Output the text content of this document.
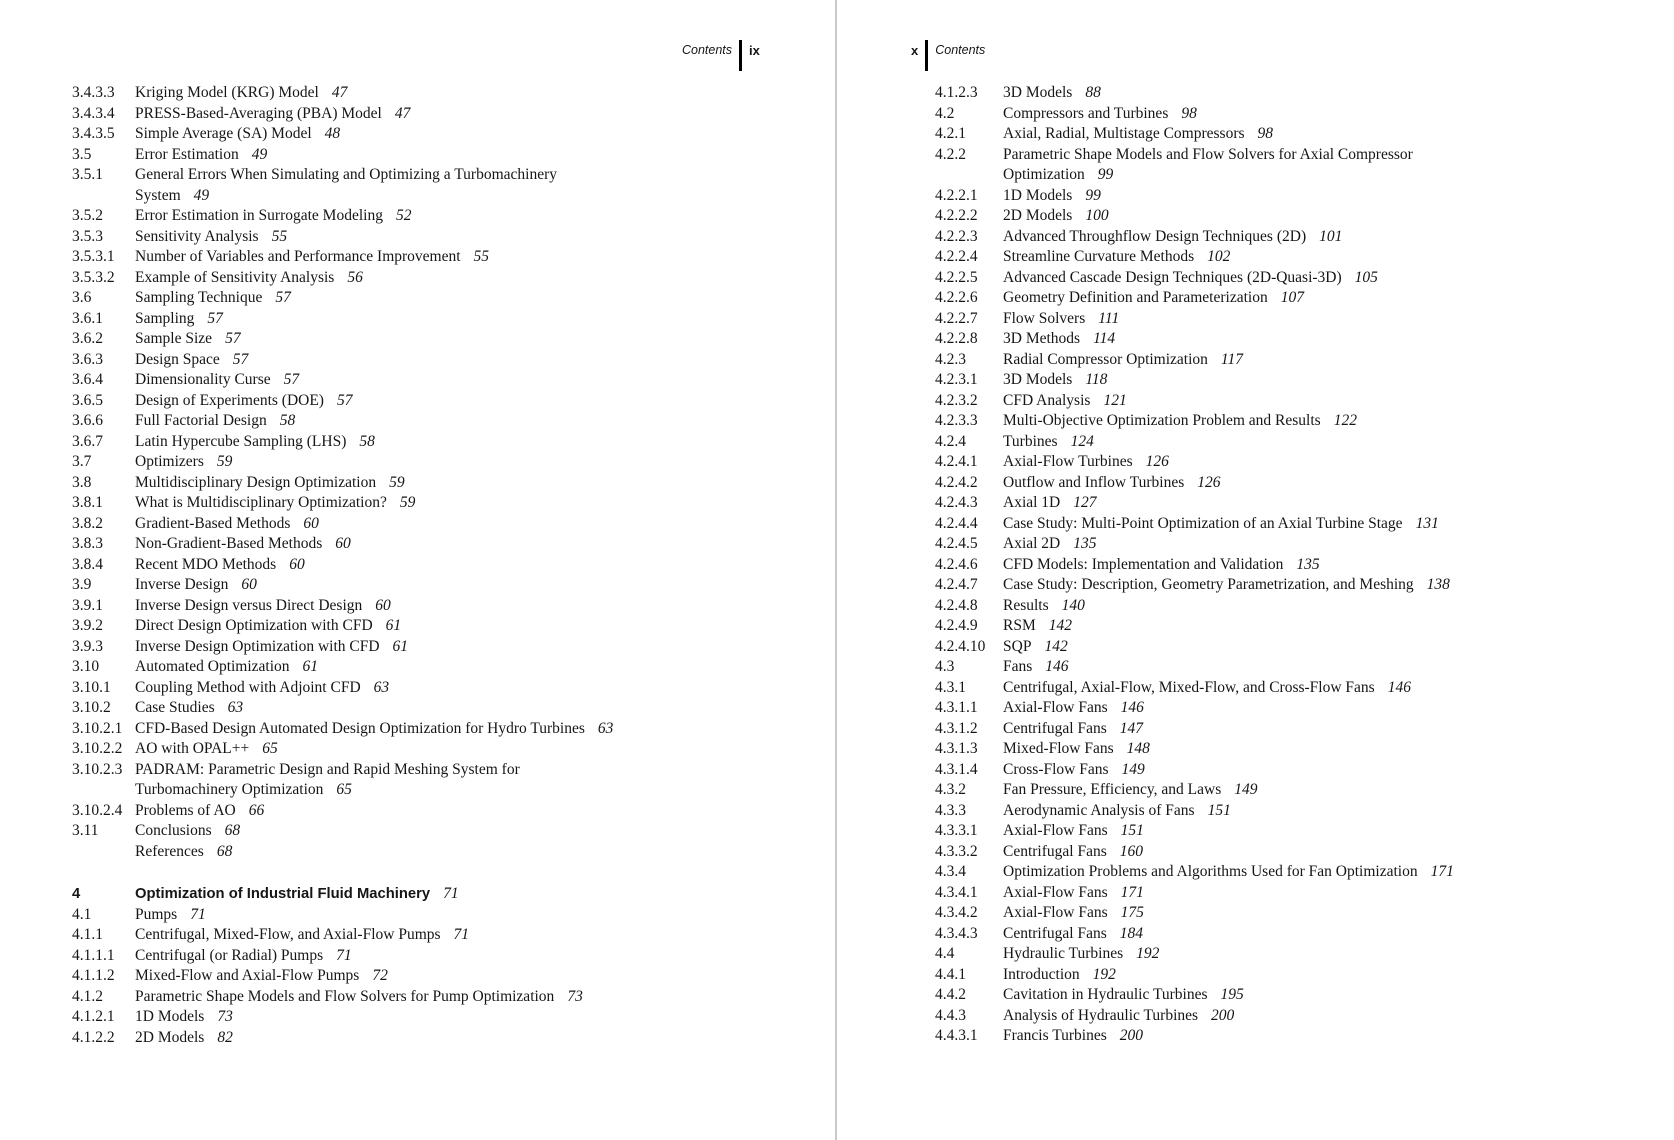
Contents ix	x Contents
3.4.3.3	Kriging Model (KRG) Model 47
3.4.3.4	PRESS-Based-Averaging (PBA) Model 47
3.4.3.5	Simple Average (SA) Model 48
3.5	Error Estimation 49
3.5.1	General Errors When Simulating and Optimizing a Turbomachinery
System 49
3.5.2	Error Estimation in Surrogate Modeling 52
3.5.3	Sensitivity Analysis 55
3.5.3.1	Number of Variables and Performance Improvement 55
3.5.3.2	Example of Sensitivity Analysis 56
3.6	Sampling Technique 57
3.6.1	Sampling 57
3.6.2	Sample Size 57
3.6.3	Design Space 57
3.6.4	Dimensionality Curse 57
3.6.5	Design of Experiments (DOE) 57
3.6.6	Full Factorial Design 58
3.6.7	Latin Hypercube Sampling (LHS) 58
3.7	Optimizers 59
3.8	Multidisciplinary Design Optimization 59
3.8.1	What is Multidisciplinary Optimization? 59
3.8.2	Gradient-Based Methods 60
3.8.3	Non-Gradient-Based Methods 60
3.8.4	Recent MDO Methods 60
3.9	Inverse Design 60
3.9.1	Inverse Design versus Direct Design 60
3.9.2	Direct Design Optimization with CFD 61
3.9.3	Inverse Design Optimization with CFD 61
3.10	Automated Optimization 61
3.10.1	Coupling Method with Adjoint CFD 63
3.10.2	Case Studies 63
3.10.2.1 CFD-Based Design Automated Design Optimization for Hydro Turbines 63
3.10.2.2 AO with OPAL++ 65
3.10.2.3 PADRAM: Parametric Design and Rapid Meshing System for
Turbomachinery Optimization 65
3.10.2.4 Problems of AO 66
3.11	Conclusions 68
References 68
4	Optimization of Industrial Fluid Machinery 71
4.1	Pumps 71
4.1.1	Centrifugal, Mixed-Flow, and Axial-Flow Pumps 71
4.1.1.1	Centrifugal (or Radial) Pumps 71
4.1.1.2	Mixed-Flow and Axial-Flow Pumps 72
4.1.2	Parametric Shape Models and Flow Solvers for Pump Optimization 73
4.1.2.1	1D Models 73
4.1.2.2	2D Models 82
4.1.2.3	3D Models 88
4.2	Compressors and Turbines 98
4.2.1	Axial, Radial, Multistage Compressors 98
4.2.2	Parametric Shape Models and Flow Solvers for Axial Compressor
Optimization 99
4.2.2.1	1D Models 99
4.2.2.2	2D Models 100
4.2.2.3	Advanced Throughflow Design Techniques (2D) 101
4.2.2.4	Streamline Curvature Methods 102
4.2.2.5	Advanced Cascade Design Techniques (2D-Quasi-3D) 105
4.2.2.6	Geometry Definition and Parameterization 107
4.2.2.7	Flow Solvers 111
4.2.2.8	3D Methods 114
4.2.3	Radial Compressor Optimization 117
4.2.3.1	3D Models 118
4.2.3.2	CFD Analysis 121
4.2.3.3	Multi-Objective Optimization Problem and Results 122
4.2.4	Turbines 124
4.2.4.1	Axial-Flow Turbines 126
4.2.4.2	Outflow and Inflow Turbines 126
4.2.4.3	Axial 1D 127
4.2.4.4	Case Study: Multi-Point Optimization of an Axial Turbine Stage 131
4.2.4.5	Axial 2D 135
4.2.4.6	CFD Models: Implementation and Validation 135
4.2.4.7	Case Study: Description, Geometry Parametrization, and Meshing 138
4.2.4.8	Results 140
4.2.4.9	RSM 142
4.2.4.10	SQP 142
4.3	Fans 146
4.3.1	Centrifugal, Axial-Flow, Mixed-Flow, and Cross-Flow Fans 146
4.3.1.1	Axial-Flow Fans 146
4.3.1.2	Centrifugal Fans 147
4.3.1.3	Mixed-Flow Fans 148
4.3.1.4	Cross-Flow Fans 149
4.3.2	Fan Pressure, Efficiency, and Laws 149
4.3.3	Aerodynamic Analysis of Fans 151
4.3.3.1	Axial-Flow Fans 151
4.3.3.2	Centrifugal Fans 160
4.3.4	Optimization Problems and Algorithms Used for Fan Optimization 171
4.3.4.1	Axial-Flow Fans 171
4.3.4.2	Axial-Flow Fans 175
4.3.4.3	Centrifugal Fans 184
4.4	Hydraulic Turbines 192
4.4.1	Introduction 192
4.4.2	Cavitation in Hydraulic Turbines 195
4.4.3	Analysis of Hydraulic Turbines 200
4.4.3.1	Francis Turbines 200
